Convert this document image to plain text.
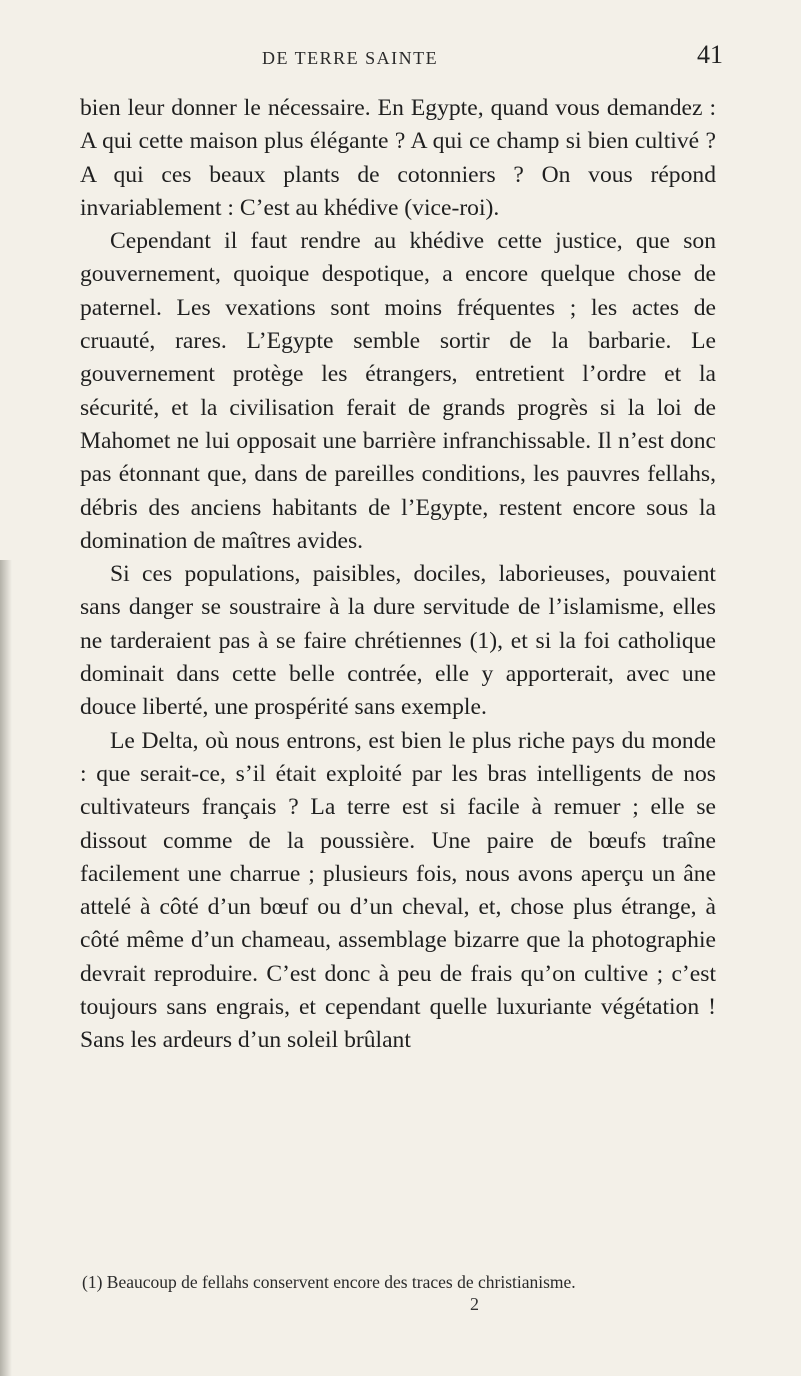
DE TERRE SAINTE	41

bien leur donner le nécessaire. En Egypte, quand vous demandez : A qui cette maison plus élégante ? A qui ce champ si bien cultivé ? A qui ces beaux plants de cotonniers ? On vous répond invariablement : C’est au khédive (vice-roi).

Cependant il faut rendre au khédive cette justice, que son gouvernement, quoique despotique, a encore quelque chose de paternel. Les vexations sont moins fréquentes ; les actes de cruauté, rares. L’Egypte semble sortir de la barbarie. Le gouvernement protège les étrangers, entretient l’ordre et la sécurité, et la civilisation ferait de grands progrès si la loi de Mahomet ne lui opposait une barrière infranchissable. Il n’est donc pas étonnant que, dans de pareilles conditions, les pauvres fellahs, débris des anciens habitants de l’Egypte, restent encore sous la domination de maîtres avides.

Si ces populations, paisibles, dociles, laborieuses, pouvaient sans danger se soustraire à la dure servitude de l’islamisme, elles ne tarderaient pas à se faire chrétiennes (1), et si la foi catholique dominait dans cette belle contrée, elle y apporterait, avec une douce liberté, une prospérité sans exemple.

Le Delta, où nous entrons, est bien le plus riche pays du monde : que serait-ce, s’il était exploité par les bras intelligents de nos cultivateurs français ? La terre est si facile à remuer ; elle se dissout comme de la poussière. Une paire de bœufs traîne facilement une charrue ; plusieurs fois, nous avons aperçu un âne attelé à côté d’un bœuf ou d’un cheval, et, chose plus étrange, à côté même d’un chameau, assemblage bizarre que la photographie devrait reproduire. C’est donc à peu de frais qu’on cultive ; c’est toujours sans engrais, et cependant quelle luxuriante végétation ! Sans les ardeurs d’un soleil brûlant

(1) Beaucoup de fellahs conservent encore des traces de christianisme.
2
